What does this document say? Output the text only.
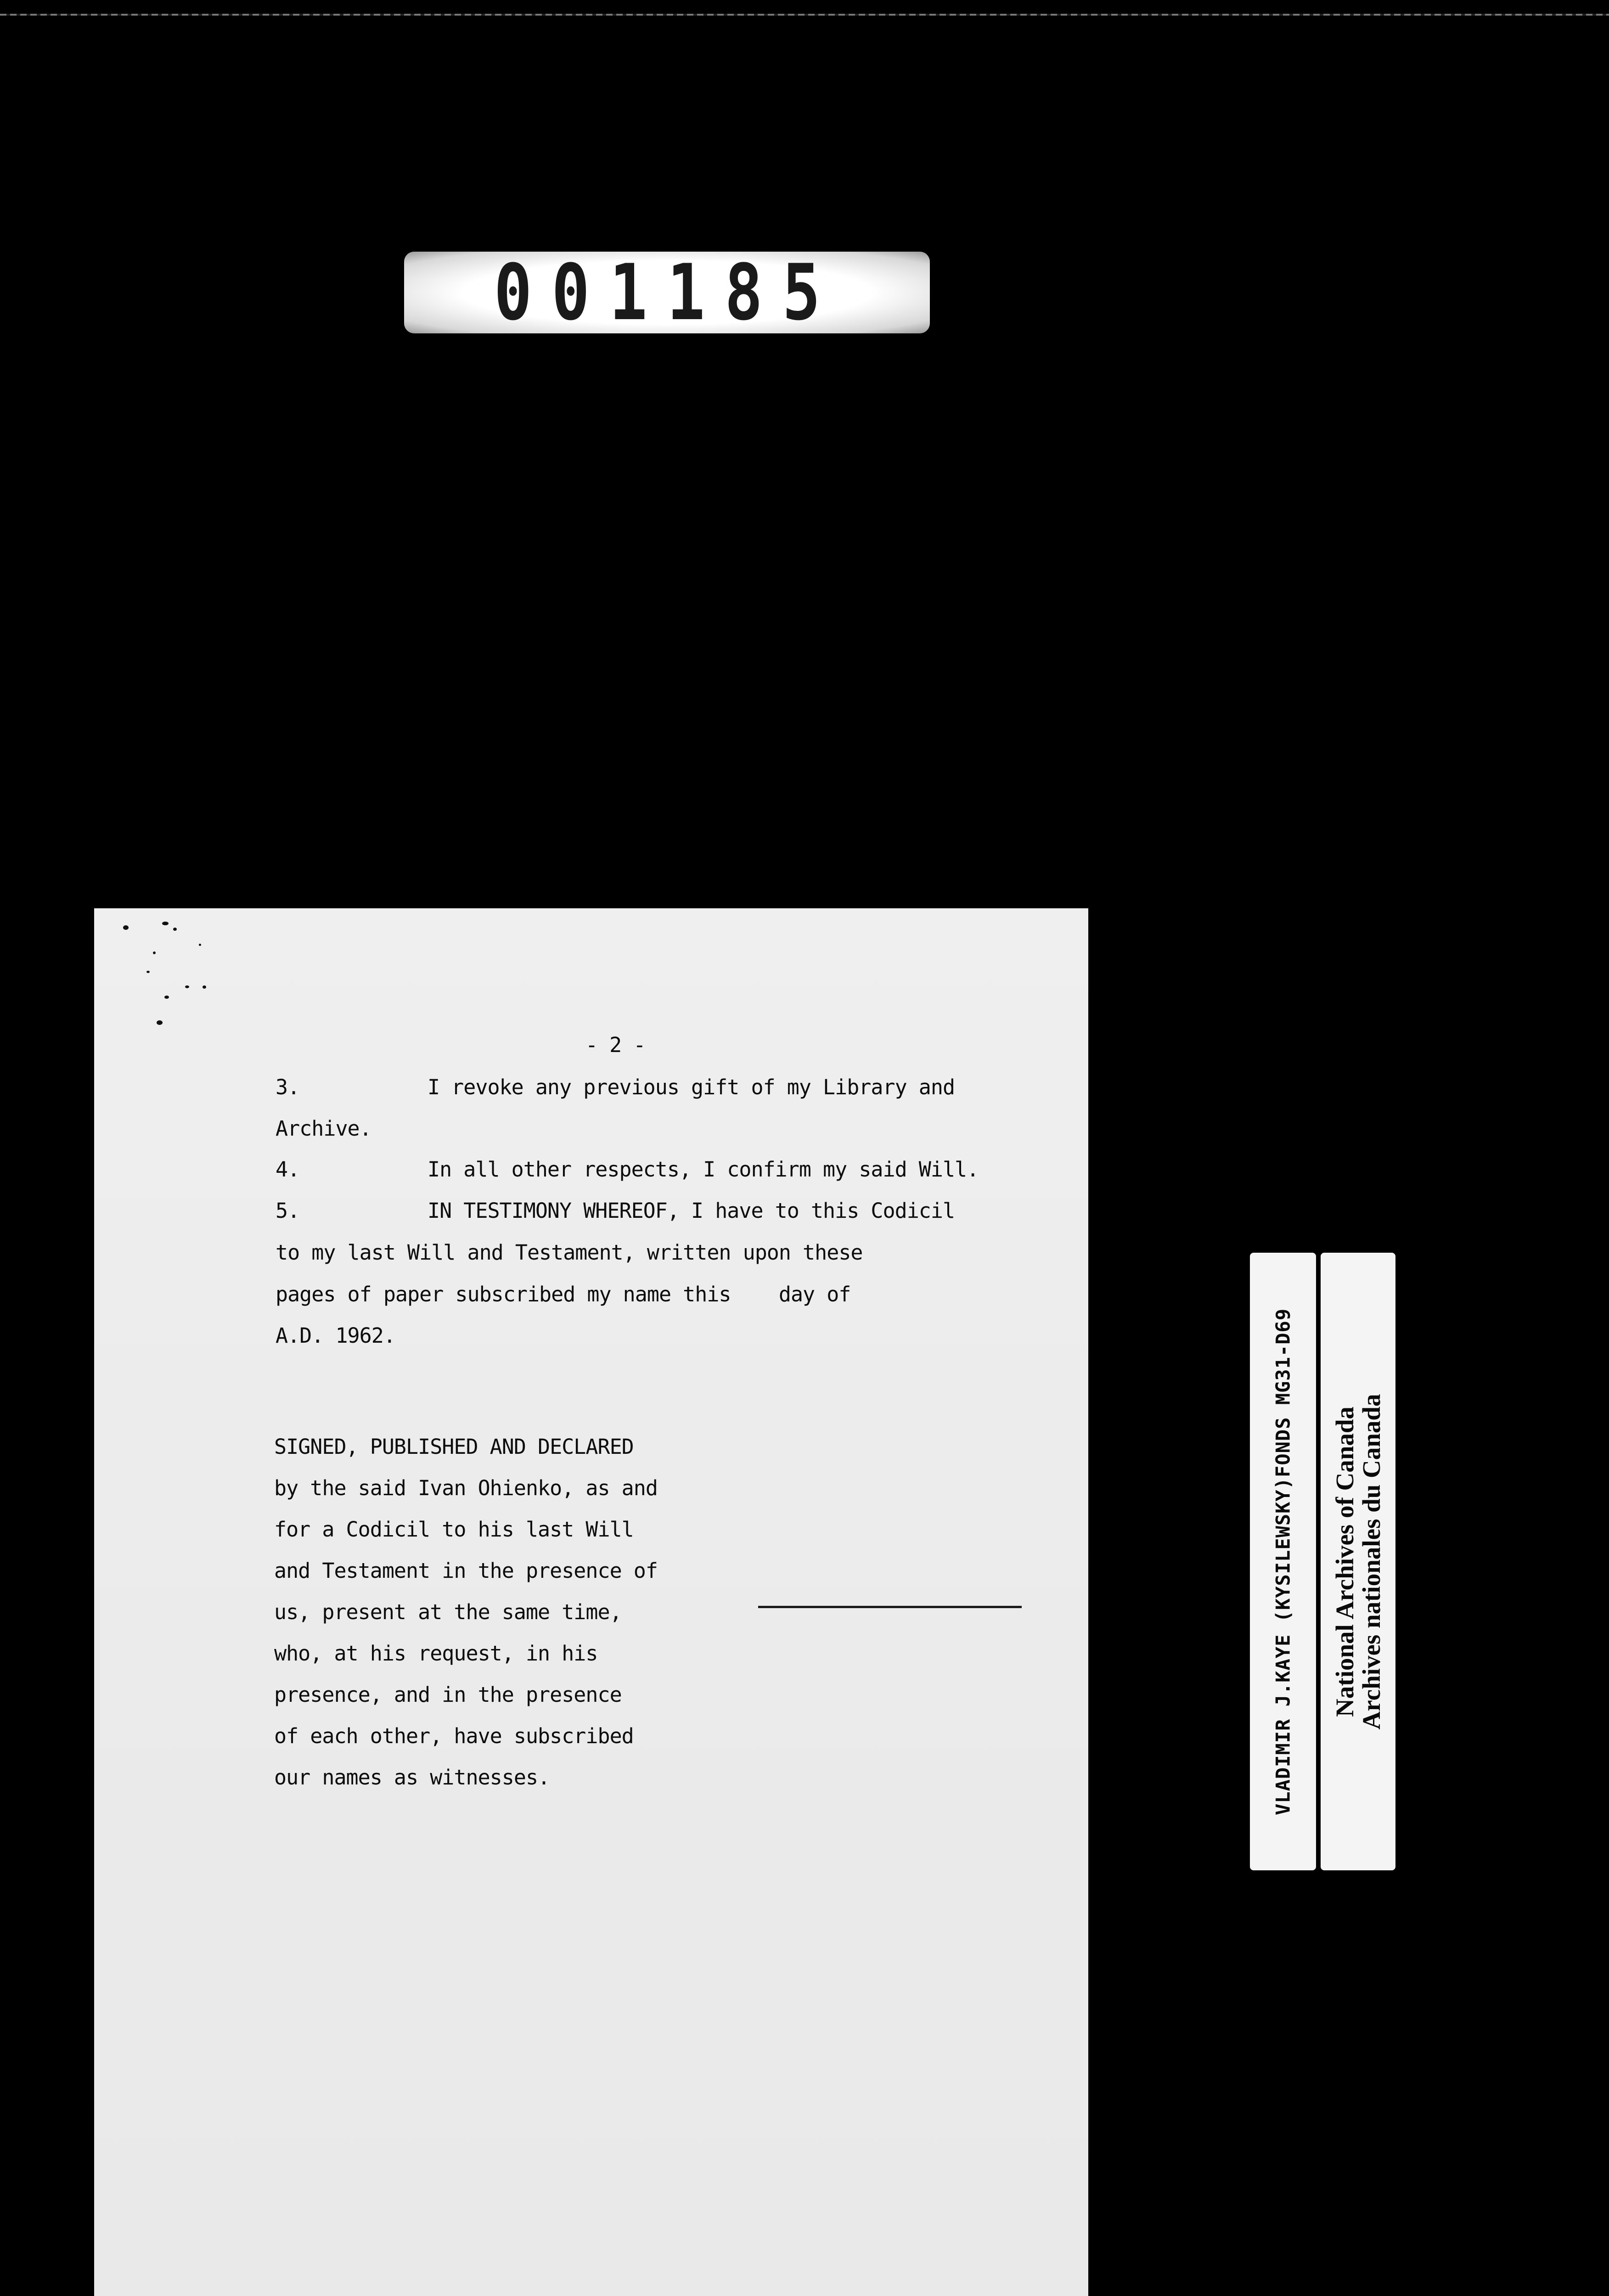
001185
- 2 -
3.	I revoke any previous gift of my Library and
Archive.
4.	In all other respects, I confirm my said Will.
5.	IN TESTIMONY WHEREOF, I have to this Codicil
to my last Will and Testament, written upon these
pages of paper subscribed my name this    day of
A.D. 1962.
SIGNED, PUBLISHED AND DECLARED
by the said Ivan Ohienko, as and
for a Codicil to his last Will
and Testament in the presence of
us, present at the same time,
who, at his request, in his
presence, and in the presence
of each other, have subscribed
our names as witnesses.	VLADIMIR J.KAYE (KYSILEWSKY)FONDS MG31-D69 National Archives of Canada
Archives nationales du Canada
